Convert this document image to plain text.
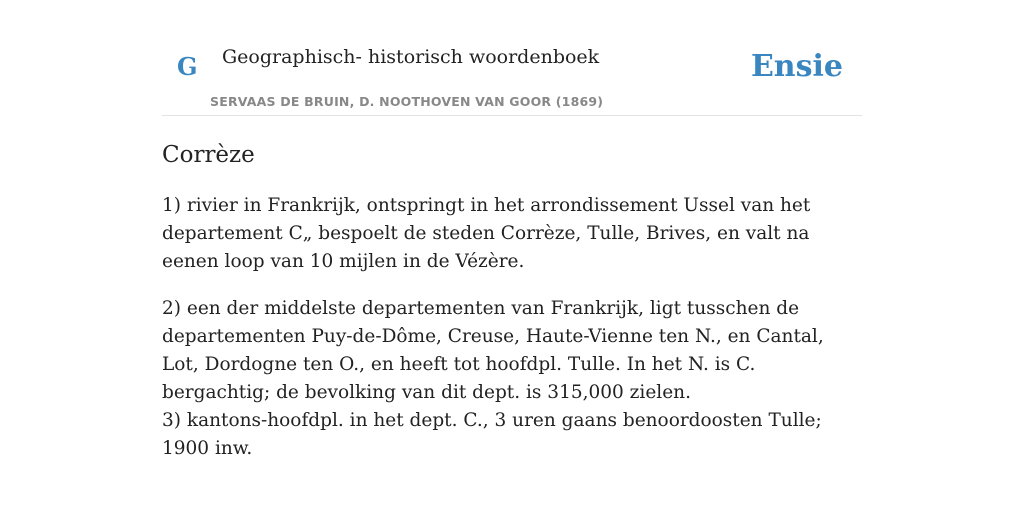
G Geographisch- historisch woordenboek
SERVAAS DE BRUIN, D. NOOTHOVEN VAN GOOR (1869)
Ensie
Corrèze

1) rivier in Frankrijk, ontspringt in het arrondissement Ussel van het departement C„ bespoelt de steden Corrèze, Tulle, Brives, en valt na eenen loop van 10 mijlen in de Vézère.

2) een der middelste departementen van Frankrijk, ligt tusschen de departementen Puy-de-Dôme, Creuse, Haute-Vienne ten N., en Cantal, Lot, Dordogne ten O., en heeft tot hoofdpl. Tulle. In het N. is C. bergachtig; de bevolking van dit dept. is 315,000 zielen.
3) kantons-hoofdpl. in het dept. C., 3 uren gaans benoordoosten Tulle; 1900 inw.
